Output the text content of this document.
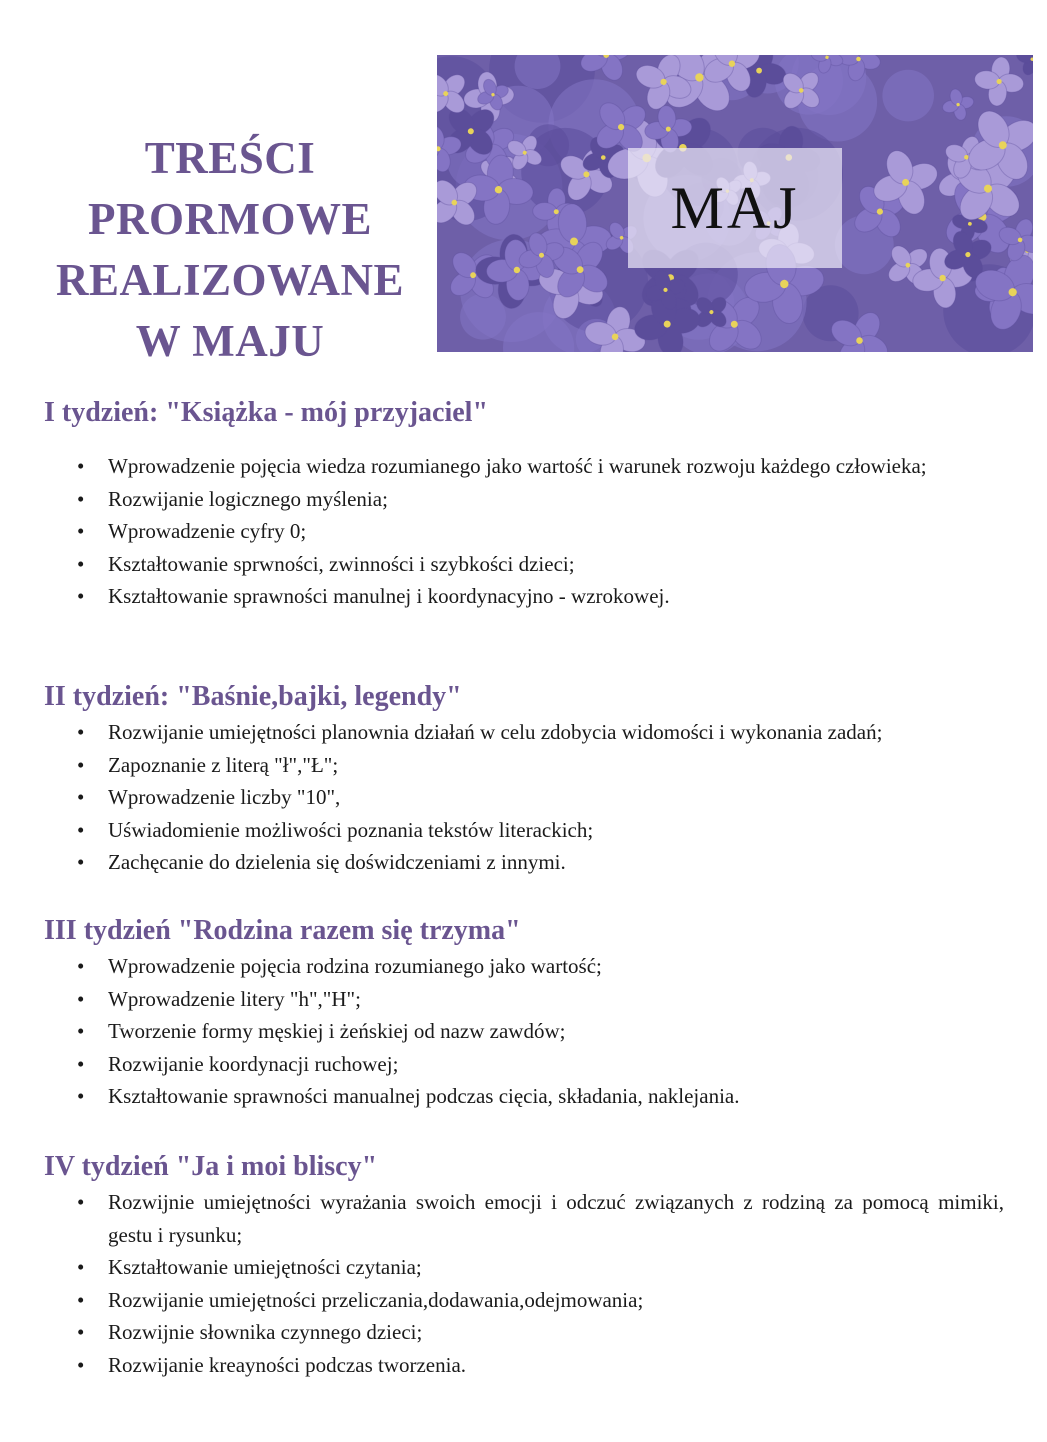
TREŚCI
PRORMOWE
REALIZOWANE
W MAJU
MAJ
I tydzień: "Książka - mój przyjaciel"
• Wprowadzenie pojęcia wiedza rozumianego jako wartość i warunek rozwoju każdego człowieka;
• Rozwijanie logicznego myślenia;
• Wprowadzenie cyfry 0;
• Kształtowanie sprwności, zwinności i szybkości dzieci;
• Kształtowanie sprawności manulnej i koordynacyjno - wzrokowej.
II tydzień: "Baśnie,bajki, legendy"
• Rozwijanie umiejętności planownia działań w celu zdobycia widomości i wykonania zadań;
• Zapoznanie z literą "ł","Ł";
• Wprowadzenie liczby "10",
• Uświadomienie możliwości poznania tekstów literackich;
• Zachęcanie do dzielenia się doświdczeniami z innymi.
III tydzień "Rodzina razem się trzyma"
• Wprowadzenie pojęcia rodzina rozumianego jako wartość;
• Wprowadzenie litery "h","H";
• Tworzenie formy męskiej i żeńskiej od nazw zawdów;
• Rozwijanie koordynacji ruchowej;
• Kształtowanie sprawności manualnej podczas cięcia, składania, naklejania.
IV tydzień "Ja i moi bliscy"
• Rozwijnie umiejętności wyrażania swoich emocji i odczuć związanych z rodziną za pomocą mimiki, gestu i rysunku;
• Kształtowanie umiejętności czytania;
• Rozwijanie umiejętności przeliczania,dodawania,odejmowania;
• Rozwijnie słownika czynnego dzieci;
• Rozwijanie kreayności podczas tworzenia.
